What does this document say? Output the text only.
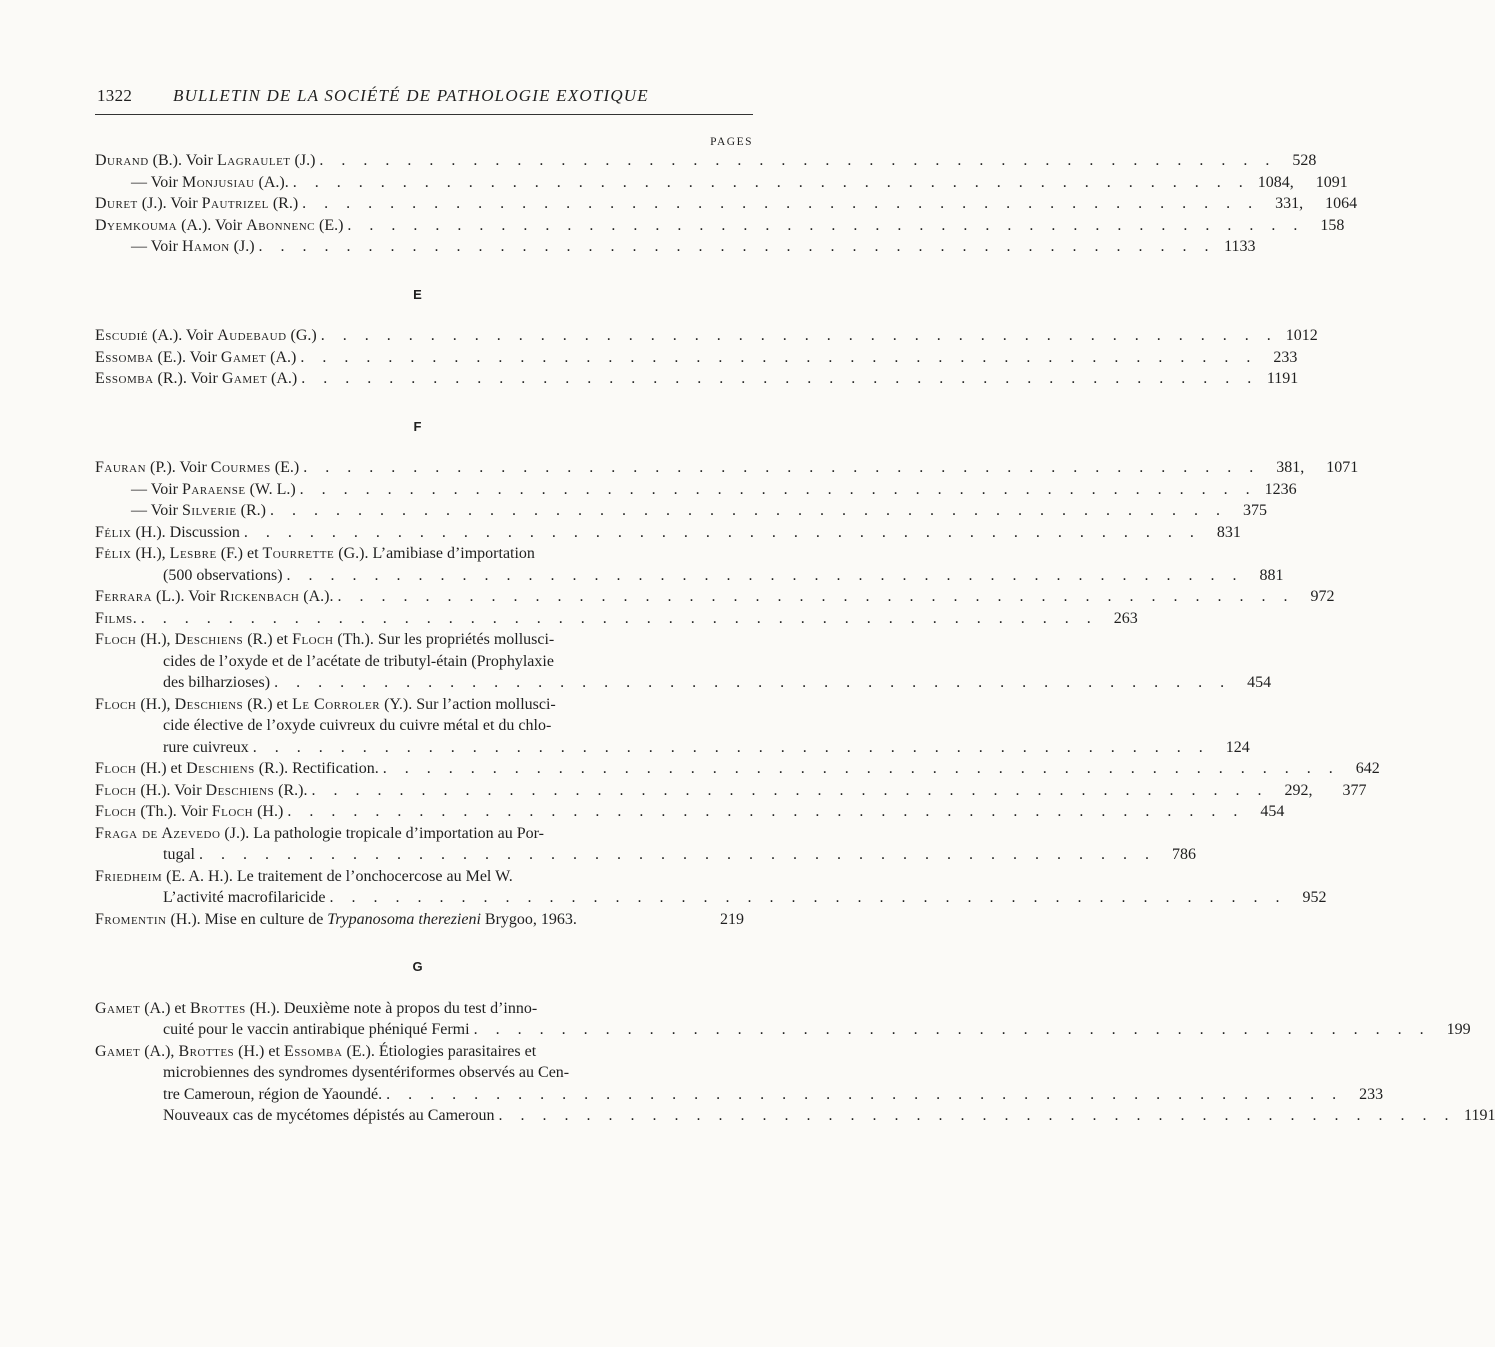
1322 BULLETIN DE LA SOCIÉTÉ DE PATHOLOGIE EXOTIQUE
PAGES
Durand (B.). Voir Lagraulet (J.) . . . . . . . . . . . . . . . . . . . . . . . . . . . . . . . . . . . . . . . . . . . .	528
— Voir Monjusiau (A.). . . . . . . . . . . . . . . . . . . . . . . . . . . . . . . . . . . . . . . . . . . . . 1084, 1091
Duret (J.). Voir Pautrizel (R.) . . . . . . . . . . . . . . . . . . . . . . . . . . . . . . . . . . . . . . . . . . . .	331, 1064
Dyemkouma (A.). Voir Abonnenc (E.) . . . . . . . . . . . . . . . . . . . . . . . . . . . . . . . . . . . . . . . . . . . .	158
— Voir Hamon (J.) . . . . . . . . . . . . . . . . . . . . . . . . . . . . . . . . . . . . . . . . . . . . 1133
E
Escudié (A.). Voir Audebaud (G.) . . . . . . . . . . . . . . . . . . . . . . . . . . . . . . . . . . . . . . . . . . . . 1012
Essomba (E.). Voir Gamet (A.) . . . . . . . . . . . . . . . . . . . . . . . . . . . . . . . . . . . . . . . . . . . .	233
Essomba (R.). Voir Gamet (A.) . . . . . . . . . . . . . . . . . . . . . . . . . . . . . . . . . . . . . . . . . . . . 1191
F
Fauran (P.). Voir Courmes (E.) . . . . . . . . . . . . . . . . . . . . . . . . . . . . . . . . . . . . . . . . . . . .	381, 1071
— Voir Paraense (W. L.) . . . . . . . . . . . . . . . . . . . . . . . . . . . . . . . . . . . . . . . . . . . . 1236
— Voir Silverie (R.) . . . . . . . . . . . . . . . . . . . . . . . . . . . . . . . . . . . . . . . . . . . .	375
Félix (H.). Discussion . . . . . . . . . . . . . . . . . . . . . . . . . . . . . . . . . . . . . . . . . . . .	831
Félix (H.), Lesbre (F.) et Tourrette (G.). L’amibiase d’importation
(500 observations) . . . . . . . . . . . . . . . . . . . . . . . . . . . . . . . . . . . . . . . . . . . .	881
Ferrara (L.). Voir Rickenbach (A.). . . . . . . . . . . . . . . . . . . . . . . . . . . . . . . . . . . . . . . . . . . . .	972
Films. . . . . . . . . . . . . . . . . . . . . . . . . . . . . . . . . . . . . . . . . . . . .	263
Floch (H.), Deschiens (R.) et Floch (Th.). Sur les propriétés mollusci-
cides de l’oxyde et de l’acétate de tributyl-étain (Prophylaxie
des bilharzioses) . . . . . . . . . . . . . . . . . . . . . . . . . . . . . . . . . . . . . . . . . . . .	454
Floch (H.), Deschiens (R.) et Le Corroler (Y.). Sur l’action mollusci-
cide élective de l’oxyde cuivreux du cuivre métal et du chlo-
rure cuivreux . . . . . . . . . . . . . . . . . . . . . . . . . . . . . . . . . . . . . . . . . . . .	124
Floch (H.) et Deschiens (R.). Rectification. . . . . . . . . . . . . . . . . . . . . . . . . . . . . . . . . . . . . . . . . . . . .	642
Floch (H.). Voir Deschiens (R.). . . . . . . . . . . . . . . . . . . . . . . . . . . . . . . . . . . . . . . . . . . . .	292,	377
Floch (Th.). Voir Floch (H.) . . . . . . . . . . . . . . . . . . . . . . . . . . . . . . . . . . . . . . . . . . . .	454
Fraga de Azevedo (J.). La pathologie tropicale d’importation au Por-
tugal . . . . . . . . . . . . . . . . . . . . . . . . . . . . . . . . . . . . . . . . . . . .	786
Friedheim (E. A. H.). Le traitement de l’onchocercose au Mel W.
L’activité macrofilaricide . . . . . . . . . . . . . . . . . . . . . . . . . . . . . . . . . . . . . . . . . . . .	952
Fromentin (H.). Mise en culture de Trypanosoma therezieni Brygoo, 1963.	219
G
Gamet (A.) et Brottes (H.). Deuxième note à propos du test d’inno-
cuité pour le vaccin antirabique phéniqué Fermi . . . . . . . . . . . . . . . . . . . . . . . . . . . . . . . . . . . . . . . . . . . .	199
Gamet (A.), Brottes (H.) et Essomba (E.). Étiologies parasitaires et
microbiennes des syndromes dysentériformes observés au Cen-
tre Cameroun, région de Yaoundé. . . . . . . . . . . . . . . . . . . . . . . . . . . . . . . . . . . . . . . . . . . . .	233
Nouveaux cas de mycétomes dépistés au Cameroun . . . . . . . . . . . . . . . . . . . . . . . . . . . . . . . . . . . . . . . . . . . . 1191
